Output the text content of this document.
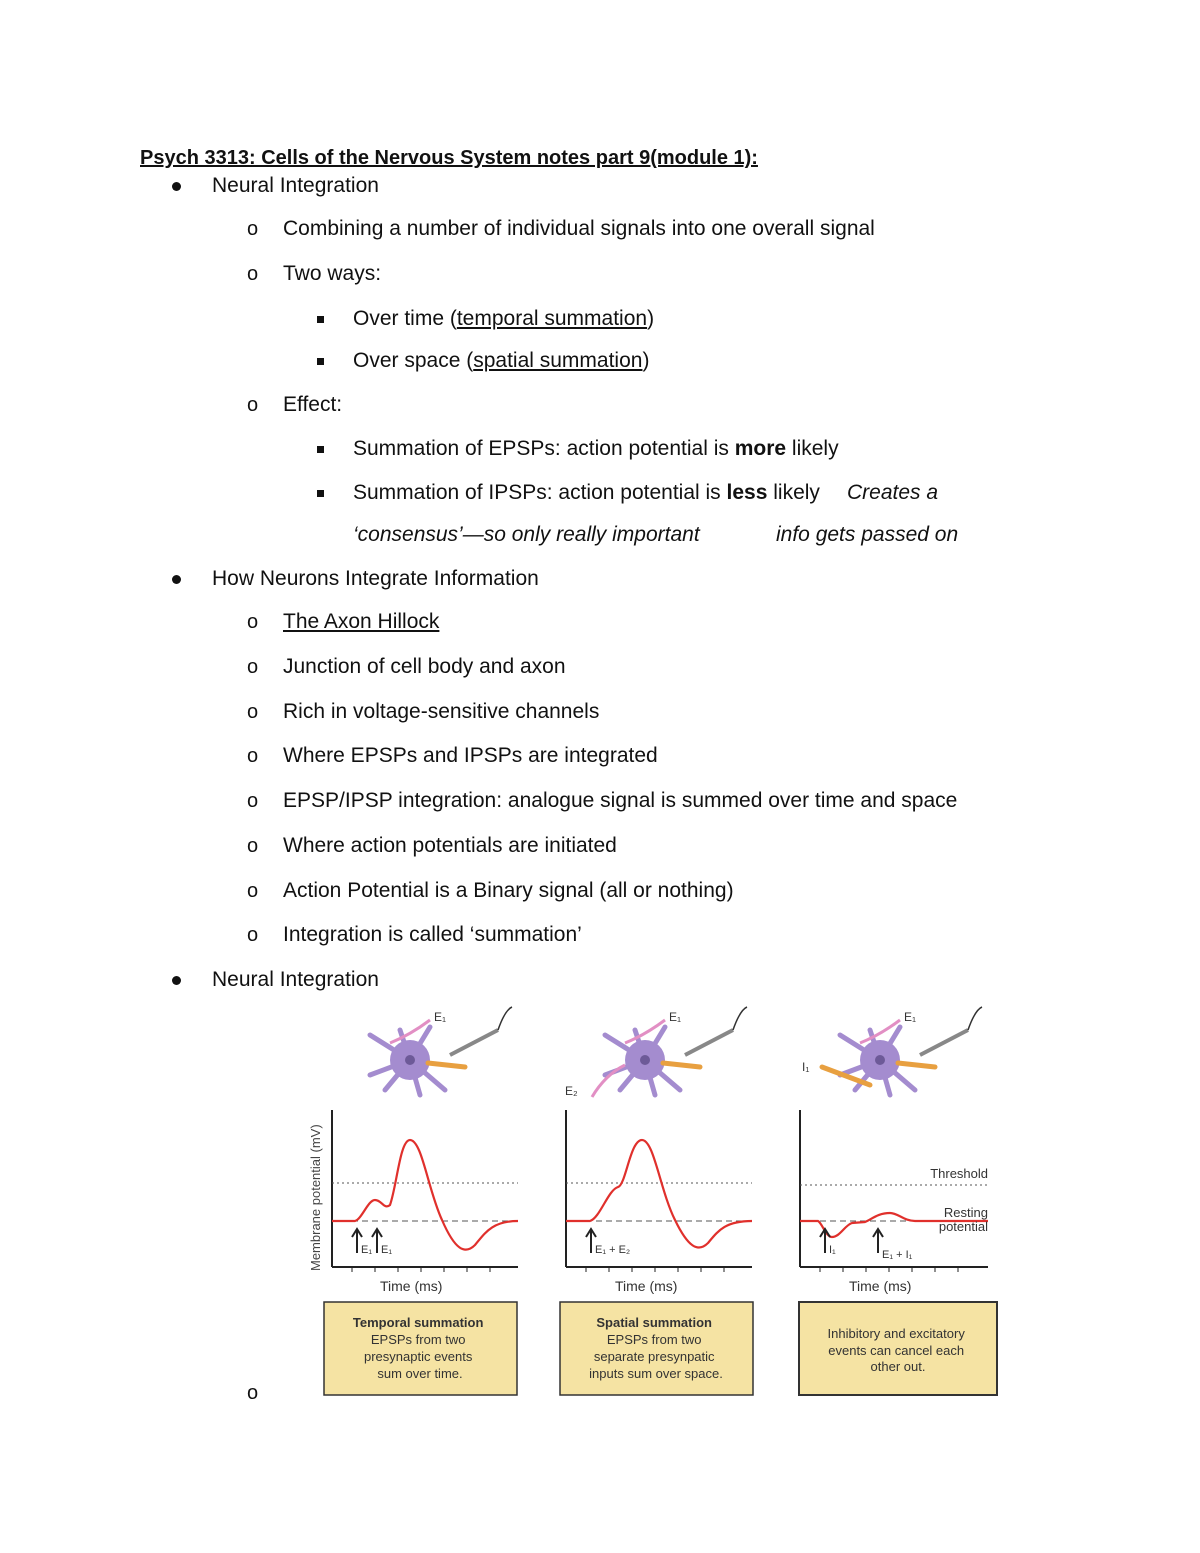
Psych 3313: Cells of the Nervous System notes part 9(module 1):
Neural Integration
o Combining a number of individual signals into one overall signal
o Two ways:
Over time (temporal summation)
Over space (spatial summation)
o Effect:
Summation of EPSPs: action potential is more likely
Summation of IPSPs: action potential is less likely Creates a
‘consensus’—so only really important	info gets passed on
How Neurons Integrate Information
o The Axon Hillock
o Junction of cell body and axon
o Rich in voltage-sensitive channels
o Where EPSPs and IPSPs are integrated
o EPSP/IPSP integration: analogue signal is summed over time and space
o Where action potentials are initiated
o Action Potential is a Binary signal (all or nothing)
o Integration is called ‘summation’
Neural Integration
o
Membrane potential (mV)
E₁
E₁ E₁
Time (ms)
Temporal summation EPSPs from two presynaptic events sum over time.
E₁
E₂
E₁ + E₂
Time (ms)
Spatial summation EPSPs from two separate presynpatic inputs sum over space.
E₁
I₁
Threshold
Resting
potential
I₁	E₁ + I₁
Time (ms)
Inhibitory and excitatory events can cancel each other out.
